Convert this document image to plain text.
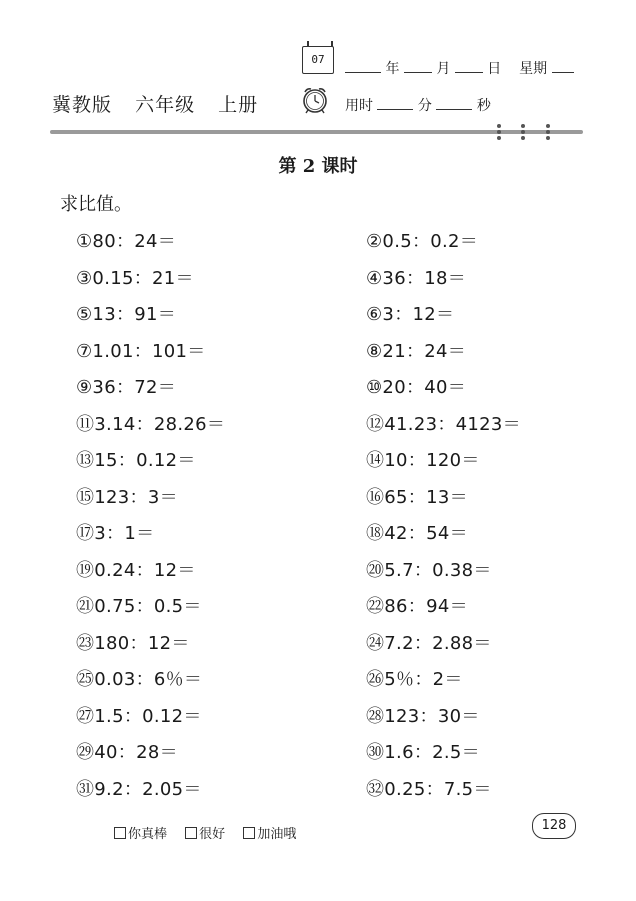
冀教版 六年级 上册
07
年	月	日 星期
用时	分	秒
第 2 课时
求比值。
①80：24＝	②0.5：0.2＝
③0.15：21＝	④36：18＝
⑤13：91＝	⑥3：12＝
⑦1.01：101＝	⑧21：24＝
⑨36：72＝	⑩20：40＝
⑪3.14：28.26＝	⑫41.23：4123＝
⑬15：0.12＝	⑭10：120＝
⑮123：3＝	⑯65：13＝
⑰3：1＝	⑱42：54＝
⑲0.24：12＝	⑳5.7：0.38＝
㉑0.75：0.5＝	㉒86：94＝
㉓180：12＝	㉔7.2：2.88＝
㉕0.03：6％＝	㉖5％：2＝
㉗1.5：0.12＝	㉘123：30＝
㉙40：28＝	㉚1.6：2.5＝
㉛9.2：2.05＝	㉜0.25：7.5＝
你真棒 很好 加油哦
128
